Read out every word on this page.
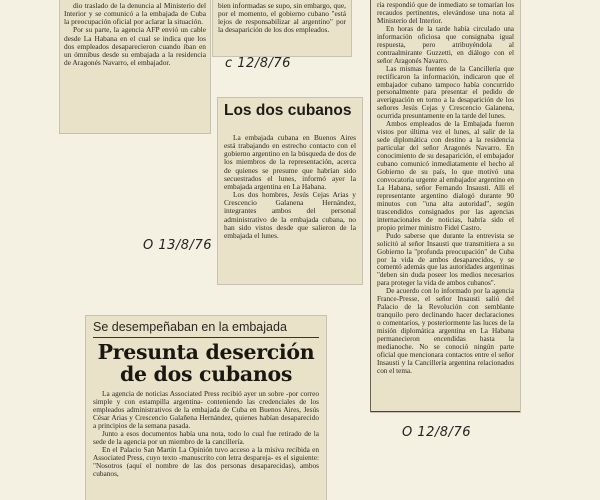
dio traslado de la denuncia al Ministerio del Interior y se comunicó a la embajada de Cuba la preocupación oficial por aclarar la situación.

Por su parte, la agencia AFP envió un cable desde La Habana en el cual se indica que los dos empleados desaparecieron cuando iban en un ómnibus desde su embajada a la residencia de Aragonés Navarro, el embajador.

bien informadas se supo, sin embargo, que, por el momento, el gobierno cubano "está lejos de responsabilizar al argentino" por la desaparición de los dos empleados.

c 12/8/76
Los dos cubanos

La embajada cubana en Buenos Aires está trabajando en estrecho contacto con el gobierno argentino en la búsqueda de dos de los miembros de la representación, acerca de quienes se presume que habrían sido secuestrados el lunes, informó ayer la embajada argentina en La Habana.

Los dos hombres, Jesús Cejas Arias y Crescencio Galanena Hernández, integrantes ambos del personal administrativo de la embajada cubana, no han sido vistos desde que salieron de la embajada el lunes.

O 13/8/76

ría respondió que de inmediato se tomarían los recaudos pertinentes, elevándose una nota al Ministerio del Interior.

En horas de la tarde había circulado una información oficiosa que consignaba igual respuesta, pero atribuyéndola al contraalmirante Guzzetti, en diálogo con el señor Aragonés Navarro.

Las mismas fuentes de la Cancillería que rectificaron la información, indicaron que el embajador cubano tampoco había concurrido personalmente para presentar el pedido de averiguación en torno a la desaparición de los señores Jesús Cejas y Crescencio Galanena, ocurrida presuntamente en la tarde del lunes.

Ambos empleados de la Embajada fueron vistos por última vez el lunes, al salir de la sede diplomática con destino a la residencia particular del señor Aragonés Navarro. En conocimiento de su desaparición, el embajador cubano comunicó inmediatamente el hecho al Gobierno de su país, lo que motivó una convocatoria urgente al embajador argentino en La Habana, señor Fernando Insausti. Allí el representante argentino dialogó durante 90 minutos con "una alta autoridad", según trascendidos consignados por las agencias internacionales de noticias, habría sido el propio primer ministro Fidel Castro.

Pudo saberse que durante la entrevista se solicitó al señor Insausti que transmitiera a su Gobierno la "profunda preocupación" de Cuba por la vida de ambos desaparecidos, y se comentó además que las autoridades argentinas "deben sin duda poseer los medios necesarios para proteger la vida de ambos cubanos".

De acuerdo con lo informado por la agencia France-Presse, el señor Insausti salió del Palacio de la Revolución con semblante tranquilo pero declinando hacer declaraciones o comentarios, y posteriormente las luces de la misión diplomática argentina en La Habana permanecieron encendidas hasta la medianoche. No se conoció ningún parte oficial que mencionara contactos entre el señor Insausti y la Cancillería argentina relacionados con el tema.

O 12/8/76
Se desempeñaban en la embajada
Presunta deserción
de dos cubanos

La agencia de noticias Associated Press recibió ayer un sobre -por correo simple y con estampilla argentina- conteniendo las credenciales de los empleados administrativos de la embajada de Cuba en Buenos Aires, Jesús César Arias y Crescencio Galañena Hernández, quienes habían desaparecido a principios de la semana pasada.

Junto a esos documentos había una nota, todo lo cual fue retirado de la sede de la agencia por un miembro de la cancillería.

En el Palacio San Martín La Opinión tuvo acceso a la misiva recibida en Associated Press, cuyo texto -manuscrito con letra despareja- es el siguiente: "Nosotros (aquí el nombre de las dos personas desaparecidas), ambos cubanos,
